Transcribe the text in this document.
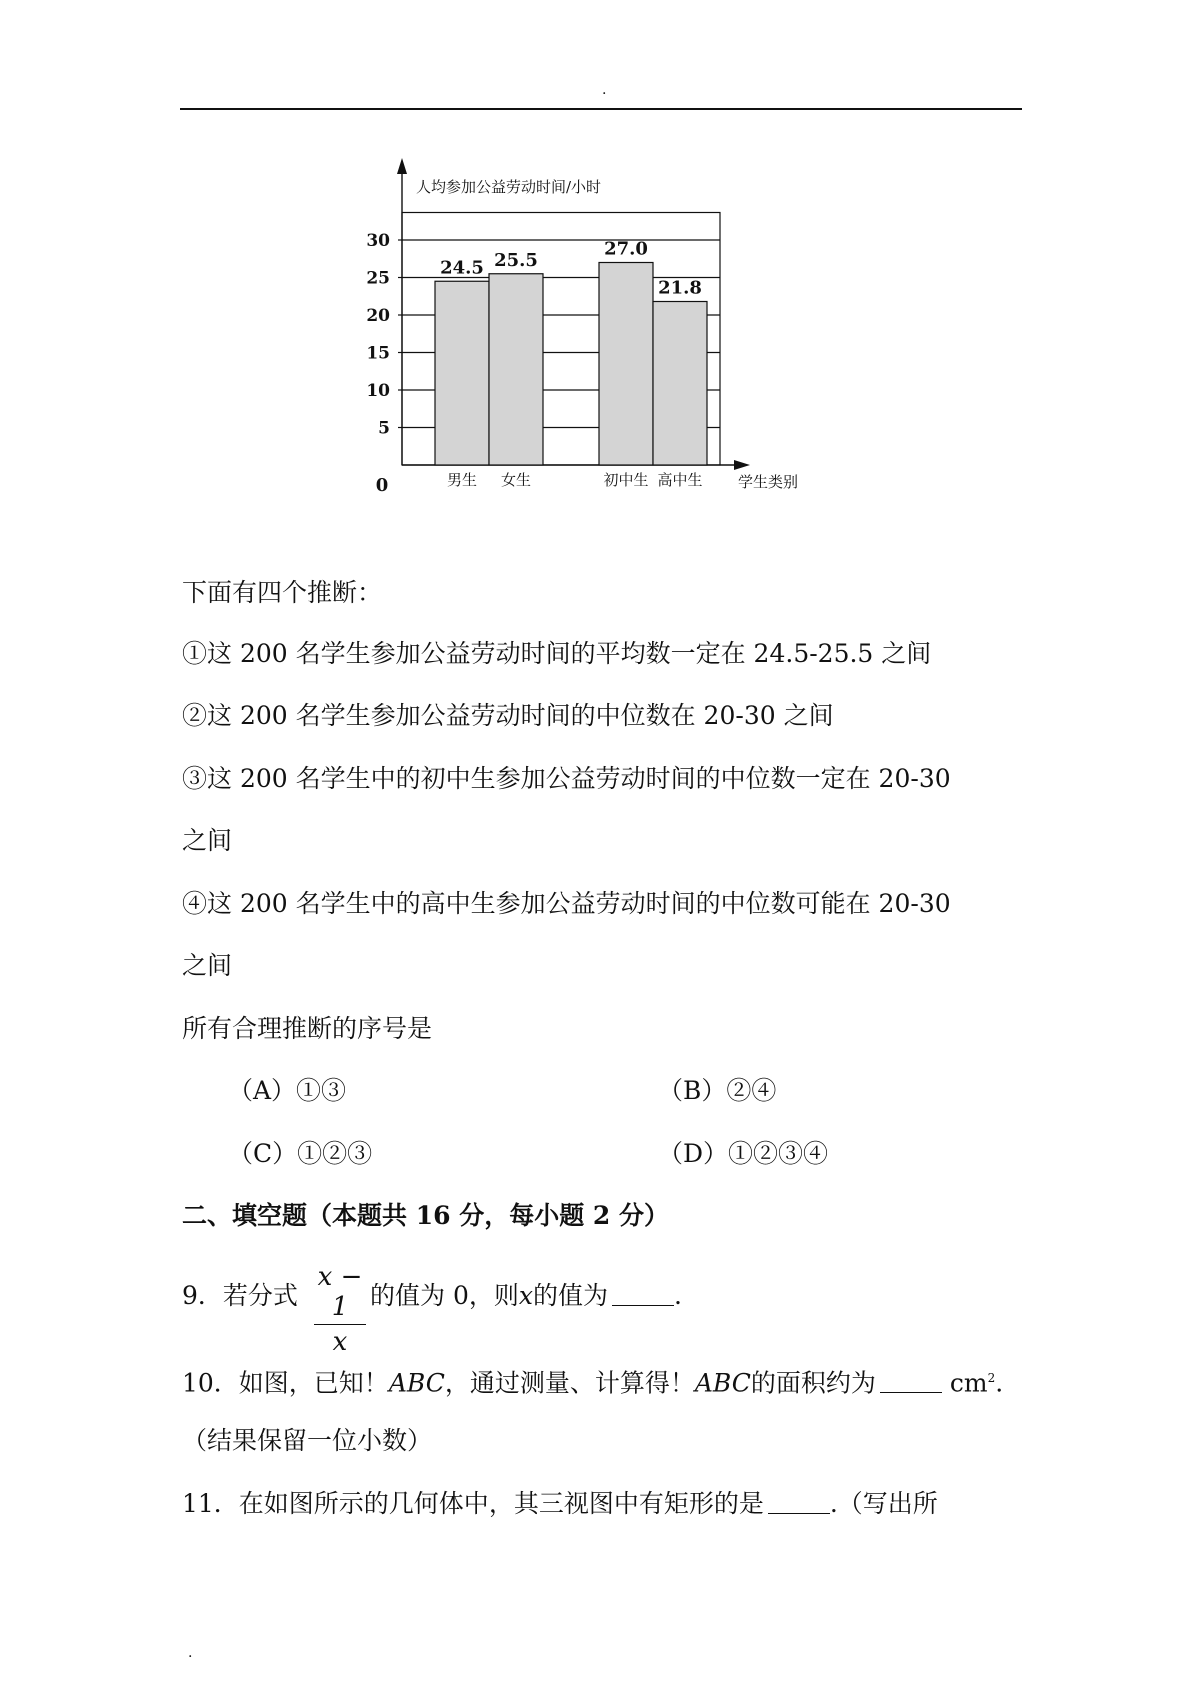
.
5
10
15
20
25
30
人均参加公益劳动时间/小时
学生类别
0
24.5
男生
25.5
女生
27.0
初中生
21.8
高中生
下面有四个推断：
①这 200 名学生参加公益劳动时间的平均数一定在 24.5-25.5 之间
②这 200 名学生参加公益劳动时间的中位数在 20-30 之间
③这 200 名学生中的初中生参加公益劳动时间的中位数一定在 20-30
之间
④这 200 名学生中的高中生参加公益劳动时间的中位数可能在 20-30
之间
所有合理推断的序号是
（A）①③	（B）②④
（C）①②③	（D）①②③④
二、填空题（本题共 16 分，每小题 2 分）
9．若分式
x − 1
x
的值为 0，则x的值为	.
10．如图，已知！ABC，通过测量、计算得！ABC的面积约为	$cm^2$.
（结果保留一位小数）
11．在如图所示的几何体中，其三视图中有矩形的是	.（写出所
.
